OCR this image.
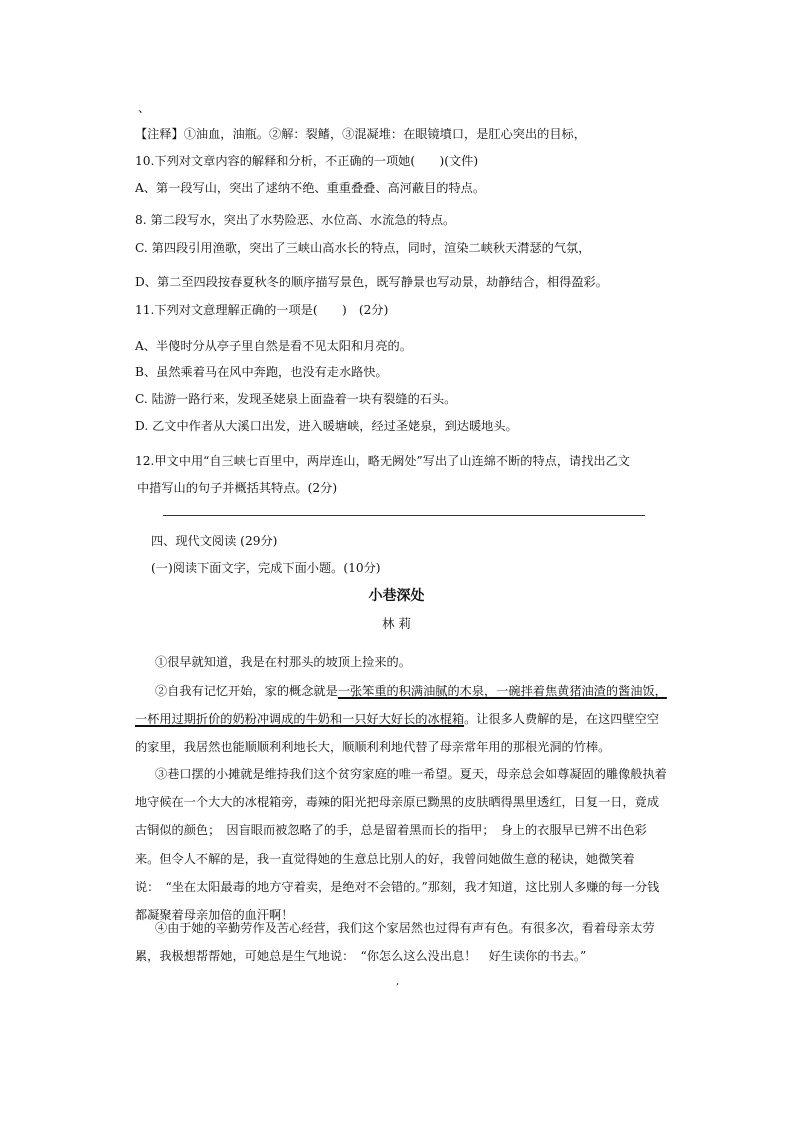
、
【注释】①油血，油瓶。②解：裂鳍，③混凝堆：在眼镜墳口，是肛心突出的目标，
10.下列对文章内容的解释和分析，不正确的一项她(　　)(文件)
A、第一段写山，突出了逑纳不绝、重重叠叠、高河蔽目的特点。
8. 第二段写水，突出了水势险恶、水位高、水流急的特点。
C. 第四段引用渔歌，突出了三峡山高水长的特点，同时，渲染二峡秋天潸瑟的气氛，
D、第二至四段按春夏秋冬的顺序描写景色，既写静景也写动景，劫静结合，相得盈彩。
11.下列对文意理解正确的一项是(　　)　(2分)
A、半傻时分从亭子里自然是看不见太阳和月亮的。
B、虽然乘着马在风中奔跑，也没有走水路快。
C. 陆游一路行来，发现圣姥泉上面盎着一块有裂缝的石头。
D. 乙文中作者从大溪口出发，进入暖塘峡，经过圣姥泉，到达暖地头。
12.甲文中用“自三峡七百里中，两岸连山，略无阙处”写出了山连綿不断的特点，请找出乙文
中措写山的句子并概括其特点。(2分)
四、现代文阅读 (29分)
(一)阅读下面文字，完成下面小题。(10分)
小巷深处
林 莉
①很早就知道，我是在村那头的坡顶上捡来的。
②自我有记忆开始，家的概念就是一张笨重的积满油腻的木泉，一碗拌着焦黄猪油渣的酱油饭，一杯用过期折价的奶粉冲调成的牛奶和一只好大好长的冰棍箱。让很多人费解的是，在这四壁空空的家里，我居然也能顺顺利利地长大，顺顺利利地代替了母亲常年用的那根光洞的竹棒。
③巷口摆的小摊就是维持我们这个贫穷家庭的唯一希望。夏天，母亲总会如尊凝固的雕像般执着地守候在一个大大的冰棍箱旁，毒辣的阳光把母亲原已黝黑的皮肤晒得黑里透红，日复一日，竟成古铜似的颜色；　因盲眼而被忽略了的手，总是留着黑而长的指甲；　身上的衣服早已辨不出色彩来。但令人不解的是，我一直觉得她的生意总比别人的好，我曾问她做生意的秘诀，她微笑着说：　“坐在太阳最毒的地方守着卖，是绝对不会错的。”那刻，我才知道，这比别人多赚的每一分钱都凝聚着母亲加倍的血汗啊！
④由于她的辛勤劳作及苦心经营，我们这个家居然也过得有声有色。有很多次，看着母亲太劳累，我极想帮帮她，可她总是生气地说：　“你怎么这么没出息！　好生读你的书去。”
,
